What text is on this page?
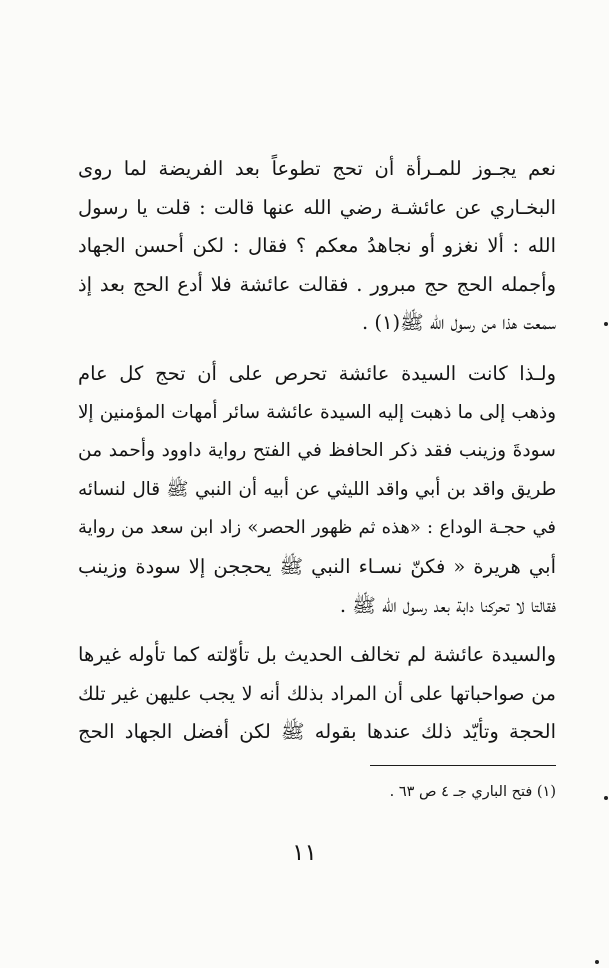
نعم يجـوز للمـرأة أن تحج تطوعاً بعد الفريضة لما روى
البخـاري عن عائشـة رضي الله عنها قالت : قلت يا رسول
الله : ألا نغزو أو نجاهدُ معكم ؟ فقال : لكن أحسن الجهاد
وأجمله الحج حج مبرور . فقالت عائشة فلا أدع الحج بعد إذ
سمعت هذا من رسول الله ﷺ(١) .
ولـذا كانت السيدة عائشة تحرص على أن تحج كل عام
وذهب إلى ما ذهبت إليه السيدة عائشة سائر أمهات المؤمنين إلا
سودةَ وزينب فقد ذكر الحافظ في الفتح رواية داوود وأحمد من
طريق واقد بن أبي واقد الليثي عن أبيه أن النبي ﷺ قال لنسائه
في حجـة الوداع : «هذه ثم ظهور الحصر» زاد ابن سعد من رواية
أبي هريرة « فكنّ نسـاء النبي ﷺ يحججن إلا سودة وزينب
فقالتا لا تحركنا دابة بعد رسول الله ﷺ .
والسيدة عائشة لم تخالف الحديث بل تأوّلته كما تأوله غيرها
من صواحباتها على أن المراد بذلك أنه لا يجب عليهن غير تلك
الحجة وتأيّد ذلك عندها بقوله ﷺ لكن أفضل الجهاد الحج
(١) فتح الباري جـ ٤ ص ٦٣ .
١١
